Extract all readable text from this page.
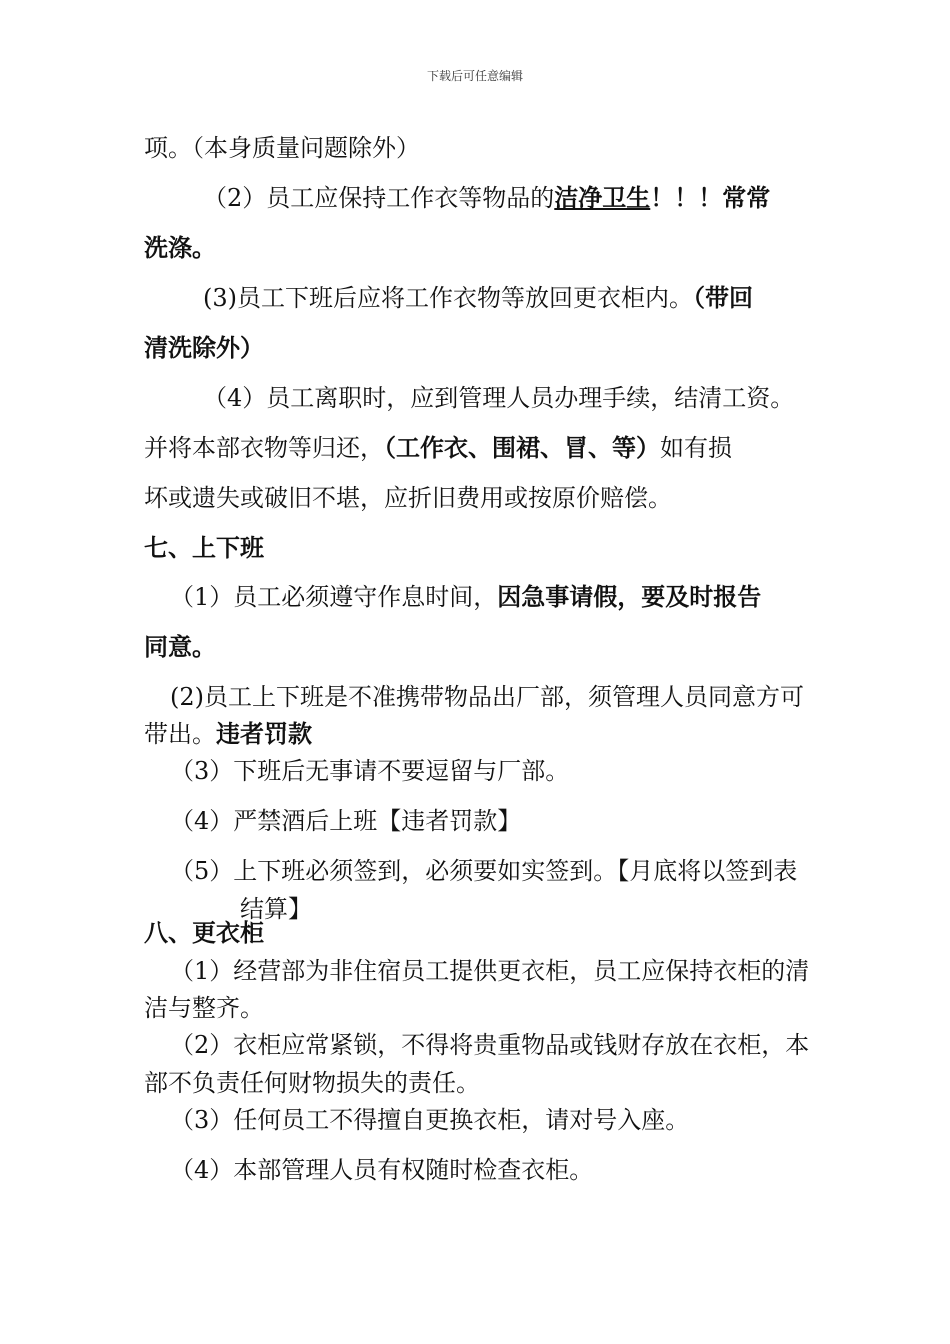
下载后可任意编辑
项。（本身质量问题除外）
（2）员工应保持工作衣等物品的洁净卫生！！！常常
洗涤。
(3)员工下班后应将工作衣物等放回更衣柜内。（带回
清洗除外）
（4）员工离职时，应到管理人员办理手续，结清工资。
并将本部衣物等归还，（工作衣、围裙、冒、等）如有损
坏或遗失或破旧不堪，应折旧费用或按原价赔偿。
七、上下班
（1）员工必须遵守作息时间，因急事请假，要及时报告
同意。
(2)员工上下班是不准携带物品出厂部，须管理人员同意方可
带出。违者罚款
（3）下班后无事请不要逗留与厂部。
（4）严禁酒后上班【违者罚款】
（5）上下班必须签到，必须要如实签到。【月底将以签到表
结算】
八、更衣柜
（1）经营部为非住宿员工提供更衣柜，员工应保持衣柜的清
洁与整齐。
（2）衣柜应常紧锁，不得将贵重物品或钱财存放在衣柜，本
部不负责任何财物损失的责任。
（3）任何员工不得擅自更换衣柜，请对号入座。
（4）本部管理人员有权随时检查衣柜。
